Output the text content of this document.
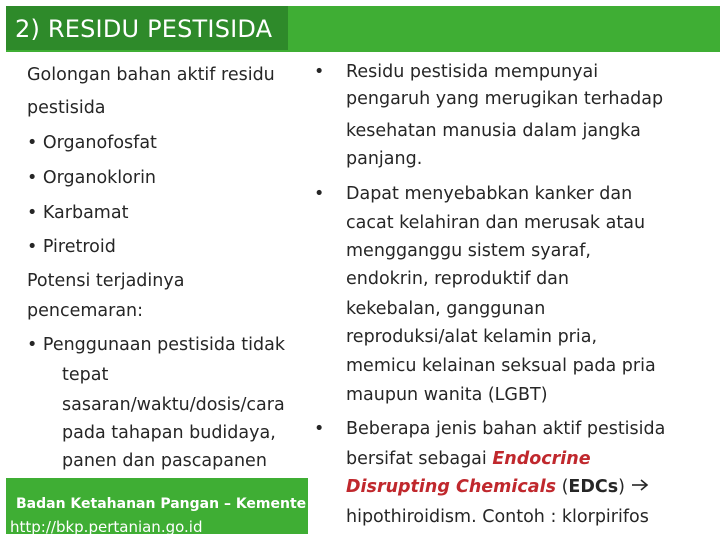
2) RESIDU PESTISIDA
Badan Ketahanan Pangan – Kemente
http://bkp.pertanian.go.id
Golongan bahan aktif residu
pestisida
• Organofosfat
• Organoklorin
• Karbamat
• Piretroid
Potensi terjadinya
pencemaran:
• Penggunaan pestisida tidak
tepat
sasaran/waktu/dosis/cara
pada tahapan budidaya,
panen dan pascapanen
• Residu pestisida mempunyai
pengaruh yang merugikan terhadap
kesehatan manusia dalam jangka
panjang.
• Dapat menyebabkan kanker dan
cacat kelahiran dan merusak atau
mengganggu sistem syaraf,
endokrin, reproduktif dan
kekebalan, ganggunan
reproduksi/alat kelamin pria,
memicu kelainan seksual pada pria
maupun wanita (LGBT)
• Beberapa jenis bahan aktif pestisida
bersifat sebagai Endocrine
Disrupting Chemicals (EDCs)
hipothiroidism. Contoh : klorpirifos
